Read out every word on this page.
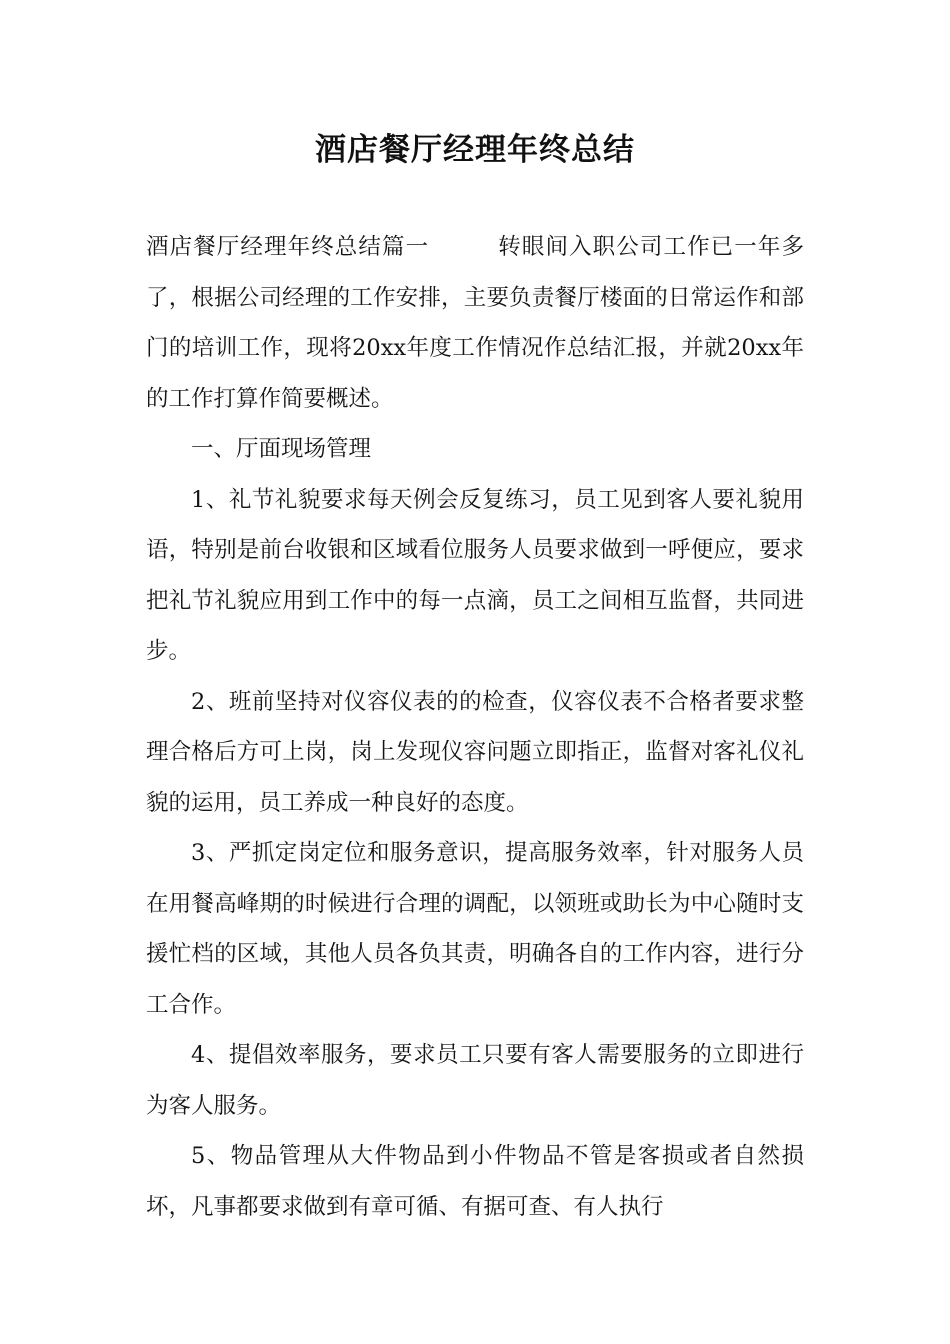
酒店餐厅经理年终总结

酒店餐厅经理年终总结篇一	转眼间入职公司工作已一年多了，根据公司经理的工作安排，主要负责餐厅楼面的日常运作和部门的培训工作，现将20xx年度工作情况作总结汇报，并就20xx年的工作打算作简要概述。

一、厅面现场管理

1、礼节礼貌要求每天例会反复练习，员工见到客人要礼貌用语，特别是前台收银和区域看位服务人员要求做到一呼便应，要求把礼节礼貌应用到工作中的每一点滴，员工之间相互监督，共同进步。

2、班前坚持对仪容仪表的的检查，仪容仪表不合格者要求整理合格后方可上岗，岗上发现仪容问题立即指正，监督对客礼仪礼貌的运用，员工养成一种良好的态度。

3、严抓定岗定位和服务意识，提高服务效率，针对服务人员在用餐高峰期的时候进行合理的调配，以领班或助长为中心随时支援忙档的区域，其他人员各负其责，明确各自的工作内容，进行分工合作。

4、提倡效率服务，要求员工只要有客人需要服务的立即进行为客人服务。

5、物品管理从大件物品到小件物品不管是客损或者自然损坏，凡事都要求做到有章可循、有据可查、有人执行
